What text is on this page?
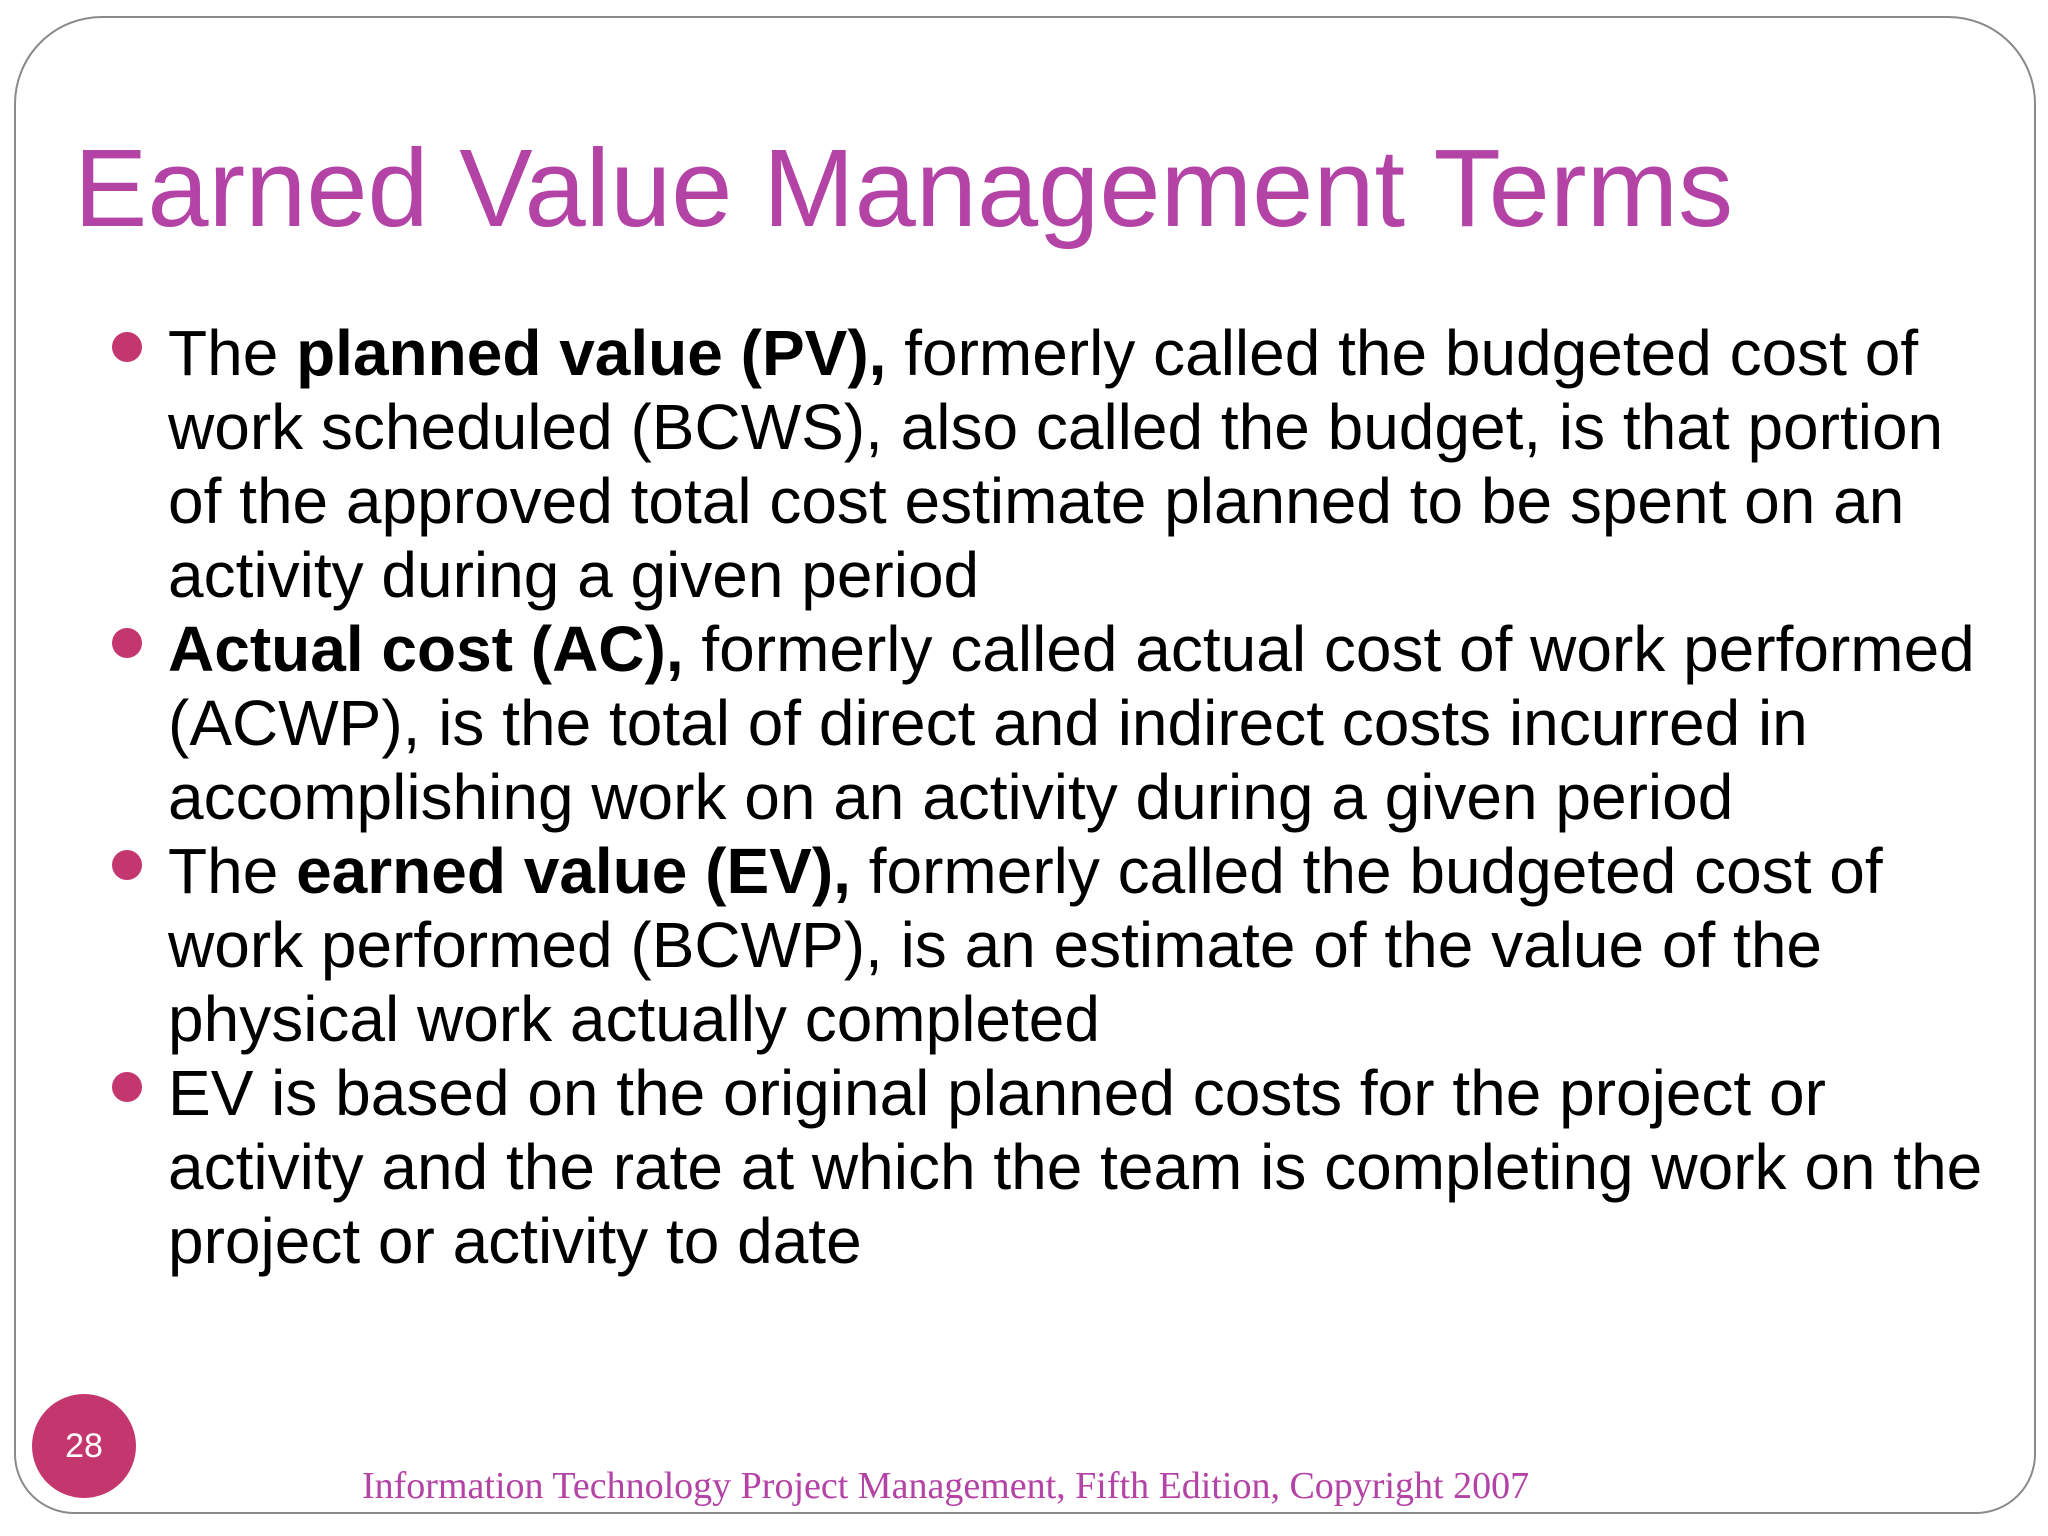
Earned Value Management Terms
The planned value (PV), formerly called the budgeted cost of work scheduled (BCWS), also called the budget, is that portion of the approved total cost estimate planned to be spent on an activity during a given period
Actual cost (AC), formerly called actual cost of work performed (ACWP), is the total of direct and indirect costs incurred in accomplishing work on an activity during a given period
The earned value (EV), formerly called the budgeted cost of work performed (BCWP), is an estimate of the value of the physical work actually completed
EV is based on the original planned costs for the project or activity and the rate at which the team is completing work on the project or activity to date
28
Information Technology Project Management, Fifth Edition, Copyright 2007
